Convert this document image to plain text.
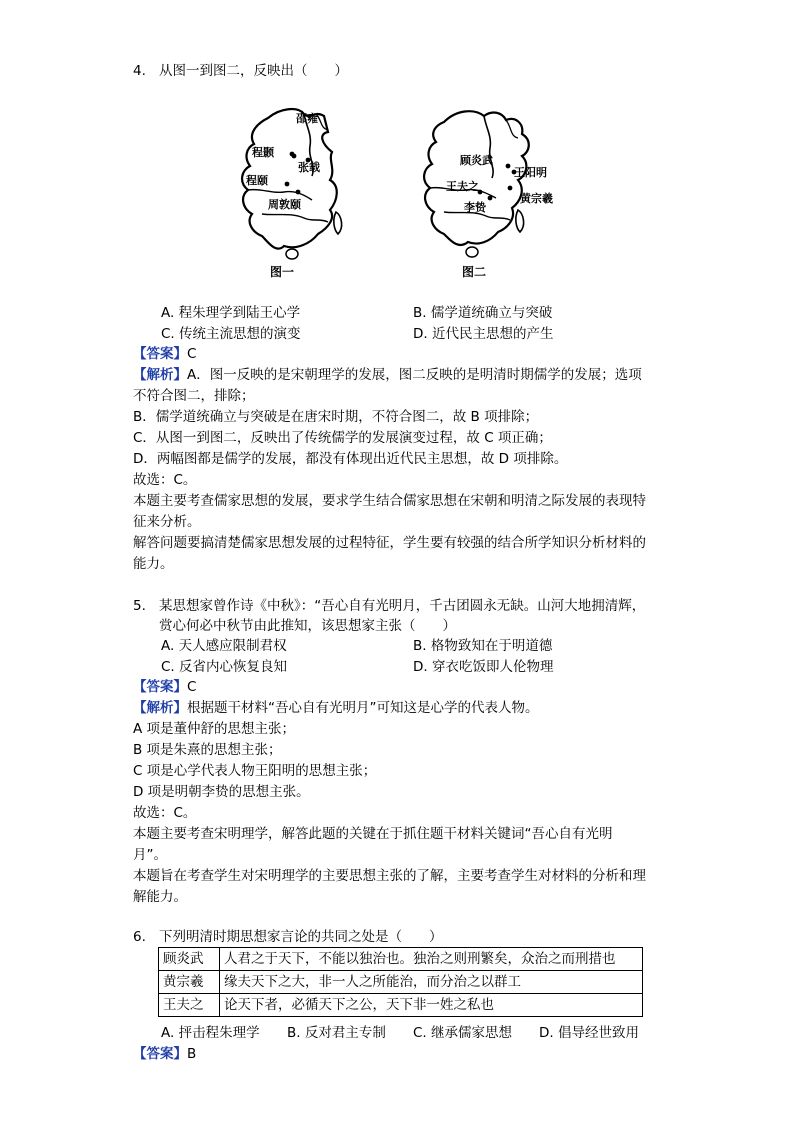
4. 从图一到图二，反映出（　　）
邵雍
程颢
张载
程颐
周敦颐
图一
顾炎武
王阳明
王夫之
李贽
黄宗羲
图二
A. 程朱理学到陆王心学	B. 儒学道统确立与突破
C. 传统主流思想的演变	D. 近代民主思想的产生
【答案】C
【解析】A．图一反映的是宋朝理学的发展，图二反映的是明清时期儒学的发展；选项
不符合图二，排除；
B．儒学道统确立与突破是在唐宋时期，不符合图二，故 B 项排除；
C．从图一到图二，反映出了传统儒学的发展演变过程，故 C 项正确；
D．两幅图都是儒学的发展，都没有体现出近代民主思想，故 D 项排除。
故选：C。
本题主要考查儒家思想的发展，要求学生结合儒家思想在宋朝和明清之际发展的表现特
征来分析。
解答问题要搞清楚儒家思想发展的过程特征，学生要有较强的结合所学知识分析材料的
能力。
5. 某思想家曾作诗《中秋》：“吾心自有光明月，千古团圆永无缺。山河大地拥清辉，
赏心何必中秋节由此推知，该思想家主张（　　）
A. 天人感应限制君权	B. 格物致知在于明道德
C. 反省内心恢复良知	D. 穿衣吃饭即人伦物理
【答案】C
【解析】根据题干材料“吾心自有光明月”可知这是心学的代表人物。
A 项是董仲舒的思想主张；
B 项是朱熹的思想主张；
C 项是心学代表人物王阳明的思想主张；
D 项是明朝李贽的思想主张。
故选：C。
本题主要考查宋明理学，解答此题的关键在于抓住题干材料关键词“吾心自有光明
月”。
本题旨在考查学生对宋明理学的主要思想主张的了解，主要考查学生对材料的分析和理
解能力。
6. 下列明清时期思想家言论的共同之处是（　　）
顾炎武	人君之于天下，不能以独治也。独治之则刑繁矣，众治之而刑措也
黄宗羲	缘夫天下之大，非一人之所能治，而分治之以群工
王夫之	论天下者，必循天下之公，天下非一姓之私也
A. 抨击程朱理学 B. 反对君主专制 C. 继承儒家思想 D. 倡导经世致用
【答案】B
